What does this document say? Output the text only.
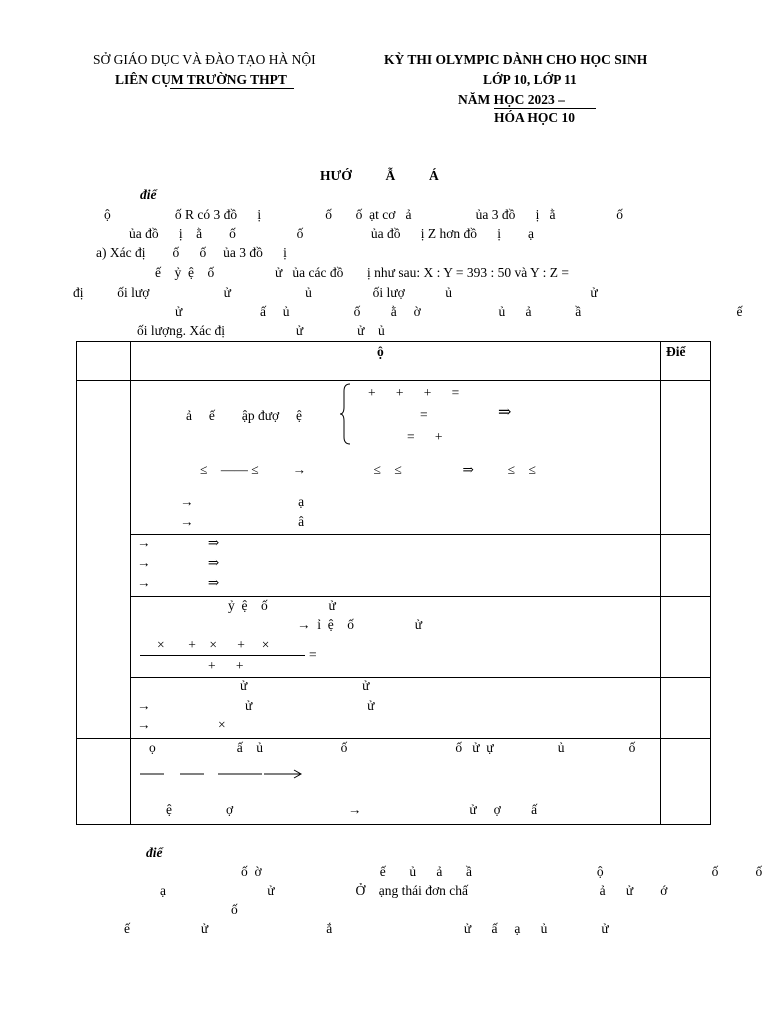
SỞ GIÁO DỤC VÀ ĐÀO TẠO HÀ NỘI
LIÊN CỤM TRƯỜNG THPT
KỲ THI OLYMPIC DÀNH CHO HỌC SINH
LỚP 10, LỚP 11
NĂM HỌC 2023 –
HÓA HỌC 10
HƯỚ          Ẫ          Á
điể
ộ                   ố R có 3 đồ      ị                   ố       ố  ạt cơ   ả                   ủa 3 đồ      ị   ằ                  ố
ủa đồ      ị    ằ        ố                  ố                    ủa đồ      ị Z hơn đồ      ị        ạ
a) Xác đị        ố      ố     ủa 3 đồ      ị
ế    ỷ  ệ    ố                  ử   ủa các đồ       ị như sau: X : Y = 393 : 50 và Y : Z =
đị          ối lượ                      ử                      ủ                  ối lượ            ủ                                         ử
ử                       ấ     ủ                   ố         ằ     ờ                       ủ      ả             ầ                                              ế
ối lượng. Xác đị                     ử                ử    ủ
ộ	Điể
ả     ế        ập đượ     ệ
+      +      +      =
=
=      +
⇒
≤    —— ≤          →                    ≤    ≤                  ⇒          ≤    ≤
→                               ạ
→                               â
→                 ⇒
→                 ⇒
→                 ⇒
ỷ  ệ    ố                  ử
→  ỉ  ệ    ố                  ử
×       +    ×      +     ×
=
+      +
ử                                  ử
→                            ử                                  ử
→                    ×
ọ                        ấ    ủ                       ố                                ố   ử  ự                   ủ                   ố
ệ                ợ                                  →                                ử     ợ         ấ
điể
ố  ờ                                   ế       ủ      ả       ầ                                     ộ                                ố           ố
ạ                              ử                        Ở    ạng thái đơn chấ                                       ả      ử        ớ
ố
ế                     ử                                   ắ                                       ử      ấ     ạ      ủ                ử
